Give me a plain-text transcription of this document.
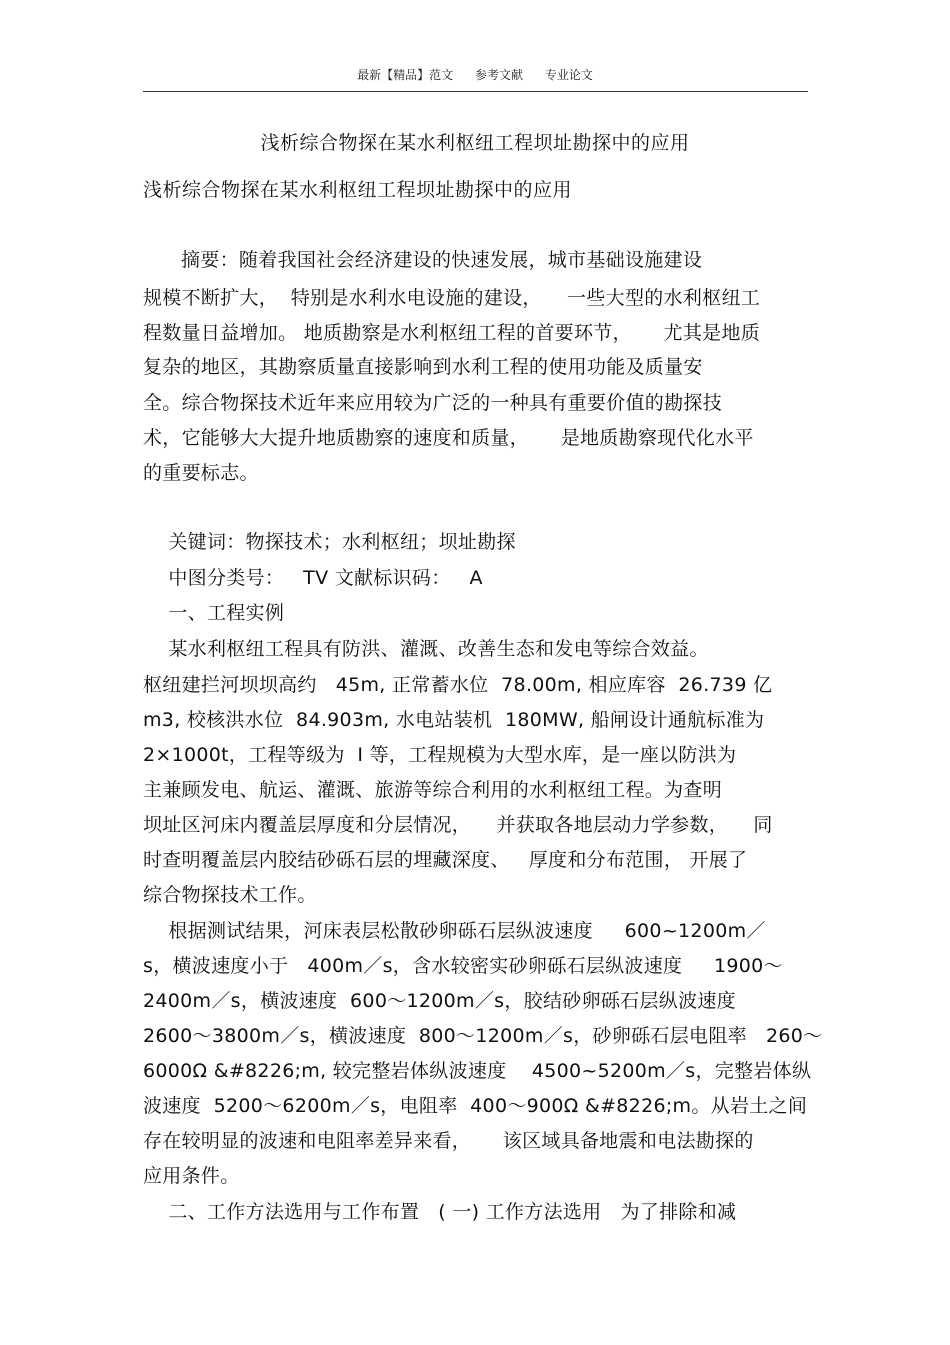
最新【精品】范文 参考文献 专业论文
浅析综合物探在某水利枢纽工程坝址勘探中的应用
浅析综合物探在某水利枢纽工程坝址勘探中的应用
摘要：随着我国社会经济建设的快速发展，城市基础设施建设
规模不断扩大，  特别是水利水电设施的建设，    一些大型的水利枢纽工
程数量日益增加。 地质勘察是水利枢纽工程的首要环节，     尤其是地质
复杂的地区，其勘察质量直接影响到水利工程的使用功能及质量安
全。综合物探技术近年来应用较为广泛的一种具有重要价值的勘探技
术，它能够大大提升地质勘察的速度和质量，     是地质勘察现代化水平
的重要标志。
关键词：物探技术；水利枢纽；坝址勘探
中图分类号：   TV 文献标识码：   A
一、工程实例
某水利枢纽工程具有防洪、灌溉、改善生态和发电等综合效益。
枢纽建拦河坝坝高约   45m, 正常蓄水位  78.00m, 相应库容  26.739 亿
m3, 校核洪水位  84.903m, 水电站装机  180MW, 船闸设计通航标准为
2×1000t，工程等级为  Ⅰ 等，工程规模为大型水库，是一座以防洪为
主兼顾发电、航运、灌溉、旅游等综合利用的水利枢纽工程。为查明
坝址区河床内覆盖层厚度和分层情况，    并获取各地层动力学参数，    同
时查明覆盖层内胶结砂砾石层的埋藏深度、   厚度和分布范围， 开展了
综合物探技术工作。
根据测试结果，河床表层松散砂卵砾石层纵波速度     600~1200m／
s，横波速度小于   400m／s，含水较密实砂卵砾石层纵波速度     1900～
2400m／s，横波速度  600～1200m／s，胶结砂卵砾石层纵波速度
2600～3800m／s，横波速度  800～1200m／s，砂卵砾石层电阻率   260～
6000Ω &#8226;m, 较完整岩体纵波速度    4500~5200m／s，完整岩体纵
波速度  5200～6200m／s，电阻率  400～900Ω &#8226;m。从岩土之间
存在较明显的波速和电阻率差异来看，     该区域具备地震和电法勘探的
应用条件。
二、工作方法选用与工作布置   ( 一) 工作方法选用   为了排除和减
